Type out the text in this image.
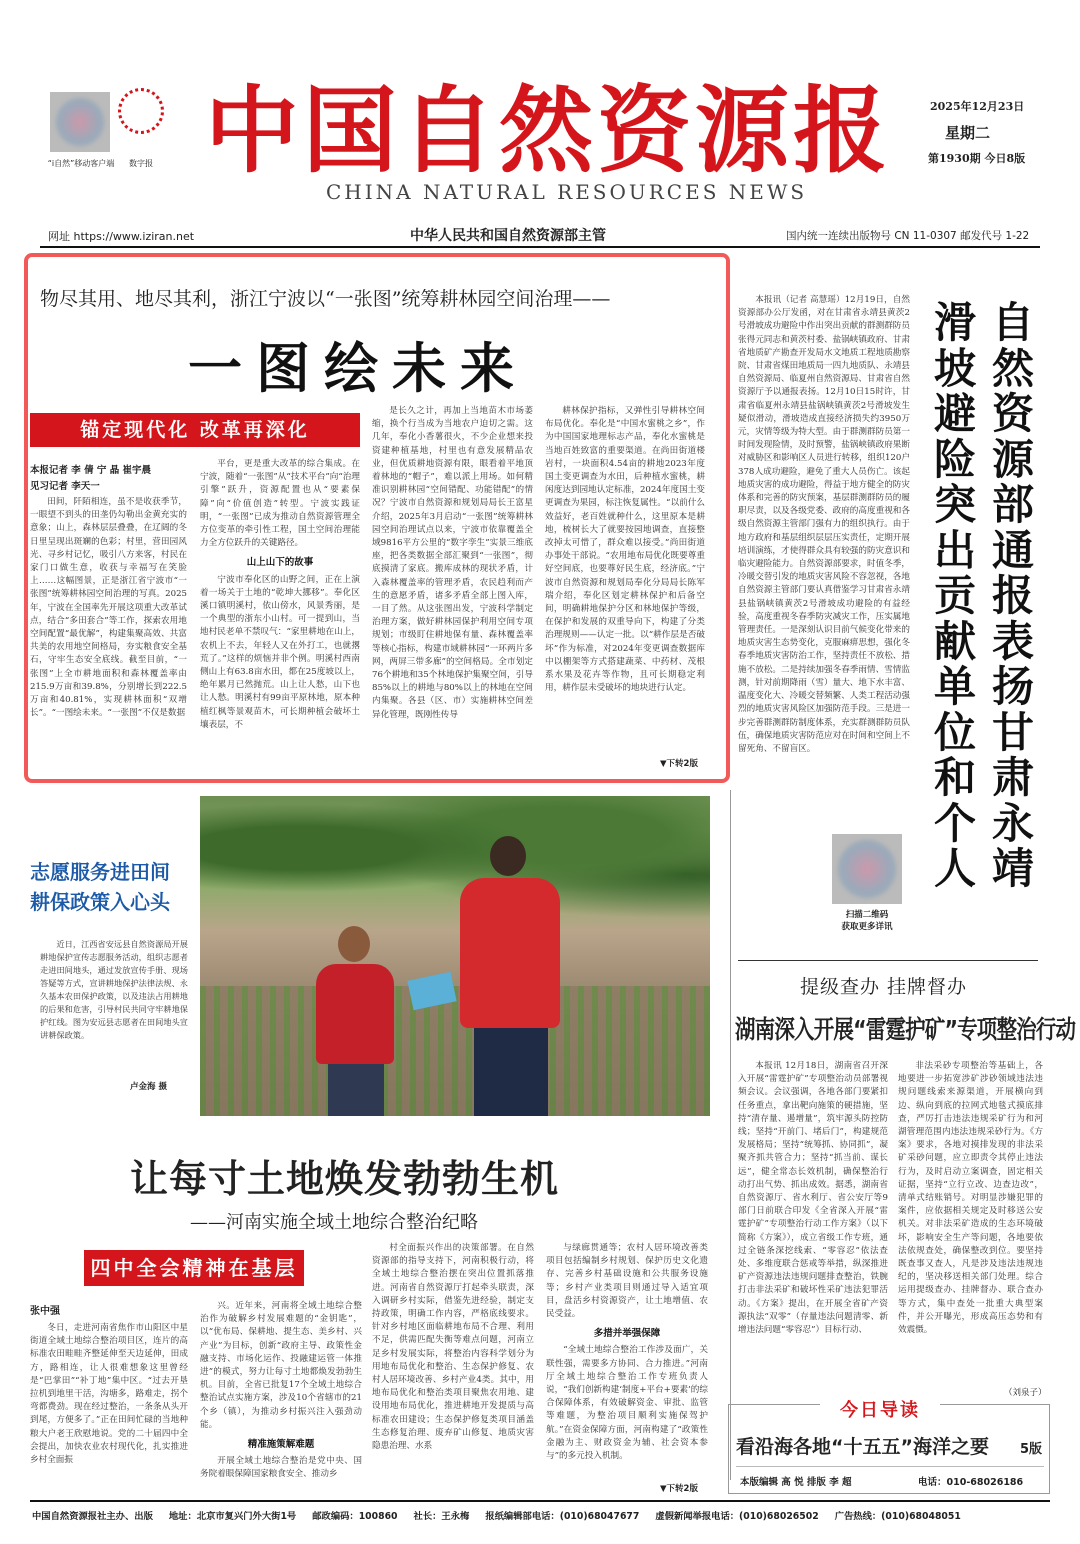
“i自然”移动客户端	数字报 中国自然资源报
CHINA NATURAL RESOURCES NEWS
2025年12月23日
星期二
第1930期 今日8版
网址 https://www.iziran.net	中华人民共和国自然资源部主管	国内统一连续出版物号 CN 11-0307 邮发代号 1-22
物尽其用、地尽其利，浙江宁波以“一张图”统筹耕林园空间治理——
一图绘未来
锚定现代化 改革再深化
本报记者 李 倩 宁 晶 崔宇晨
见习记者 李天一

田间，阡陌相连，虽不是收获季节，一眼望不到头的田垄仍勾勒出金黄充实的意象；山上，森林层层叠叠，在辽阔的冬日里呈现出斑斓的色彩；村里，营田园风光、寻乡村记忆，吸引八方来客，村民在家门口做生意，收获与幸福写在笑脸上……这幅图景，正是浙江省宁波市“一张图”统筹耕林园空间治理的写真。2025年，宁波在全国率先开展这项重大改革试点，结合“多田套合”等工作，探索农用地空间配置“最优解”，构建集聚高效、共富共美的农用地空间格局，夯实粮食安全基石，守牢生态安全底线。截至目前，“一张图”上全市耕地面积和森林覆盖率由215.9万亩和39.8%，分别增长到222.5万亩和40.81%，实现耕林面积“双增长”。“一图绘未来。“一张图”不仅是数据

平台，更是重大改革的综合集成。在宁波，随着“一张图”从“技术平台”向“治理引擎”跃升，资源配置也从“要素保障”向“价值创造”转型。宁波实践证明，“一张图”已成为推动自然资源管理全方位变革的牵引性工程，国土空间治理能力全方位跃升的关键路径。

山上山下的故事

宁波市奉化区的山野之间，正在上演着一场关于土地的“乾坤大挪移”。奉化区溪口镇明溪村，依山傍水，风景秀丽，是一个典型的浙东小山村。可一提到山，当地村民老单不禁叹气：“家里耕地在山上，农机上不去，年轻人又在外打工，也就撂荒了。”这样的烦恼并非个例。明溪村西南侧山上有63.8亩水田，都在25度坡以上，绝年累月已然抛荒。山上让人愁，山下也让人愁。明溪村有99亩平原林地，原本种植红枫等景观苗木，可长期种植会破坏土壤表层，不

是长久之计，再加上当地苗木市场萎缩，换个行当成为当地农户迫切之需。这几年，奉化小香薯很火，不少企业想来投资建种植基地，村里也有意发展精品农业，但优质耕地资源有限，眼看着平地顶着林地的“帽子”，难以派上用场。如何精准识别耕林园“空间错配、功能错配”的情况？宁波市自然资源和规划局局长王富星介绍，2025年3月启动“一张图”统筹耕林园空间治理试点以来，宁波市依靠覆盖全域9816平方公里的“数字孪生”实景三维底座，把各类数据全部汇聚到“一张图”，彻底摸清了家底。搬库成林的现状矛盾，计入森林覆盖率的管理矛盾，农民趋利而产生的意愿矛盾，诸多矛盾全部上图入库，一目了然。从这张图出发，宁波科学制定治理方案，做好耕林园保护利用空间专项规划；市级盯住耕地保有量、森林覆盖率等核心指标，构建市域耕林园“一环两片多网，两屏三带多廊”的空间格局。全市划定76个耕地和35个林地保护集聚空间，引导85%以上的耕地与80%以上的林地在空间内集聚。各县（区、市）实施耕林空间差异化管理，既刚性传导

耕林保护指标，又弹性引导耕林空间布局优化。奉化是“中国水蜜桃之乡”，作为中国国家地理标志产品，奉化水蜜桃是当地百姓致富的重要渠道。在尚田街道楼岩村，一块面积4.54亩的耕地2023年度国土变更调查为水田，后种植水蜜桃，耕闲度达到园地认定标准，2024年度国土变更调查为果园，标注恢复属性。“以前什么效益好，老百姓就种什么，这里原本是耕地，梳树长大了就要按园地调查，直接整改掉太可惜了，群众难以接受。”尚田街道办事处干部说。“农用地布局优化既要尊重好空间底，也要尊好民生底，经济底。”宁波市自然资源和规划局奉化分局局长陈军瑞介绍，奉化区划定耕林保护和后备空间，明确耕地保护分区和林地保护等级，在保护和发展的双重导向下，构建了分类治理规则——认定一批。以“耕作层是否破坏”作为标准，对2024年变更调查数据库中以棚架等方式搭建蔬菜、中药材、茂根系水果及花卉等作物，且可长期稳定利用，耕作层未受破坏的地块进行认定。

▼下转2版

本报讯（记者 高慧瑶）12月19日，自然资源部办公厅发函，对在甘肃省永靖县黄茨2号滑坡成功避险中作出突出贡献的群测群防员张得元同志和黄茨村委、盐锅峡镇政府、甘肃省地质矿产勘查开发局水文地质工程地质勘察院、甘肃省煤田地质局一四九地质队、永靖县自然资源局、临夏州自然资源局、甘肃省自然资源厅予以通报表扬。12月10日15时许，甘肃省临夏州永靖县盐锅峡镇黄茨2号滑坡发生疑似滑动，滑坡造成直接经济损失约3950万元，灾情等级为特大型。由于群测群防员第一时间发现险情，及时预警，盐锅峡镇政府果断对威胁区和影响区人员进行转移，组织120户378人成功避险，避免了重大人员伤亡。该起地质灾害的成功避险，得益于地方健全的防灾体系和完善的防灾预案，基层群测群防员的履职尽责，以及各级党委、政府的高度重视和各级自然资源主管部门强有力的组织执行。由于地方政府和基层组织层层压实责任，定期开展培训演练，才使得群众具有较强的防灾意识和临灾避险能力。自然资源部要求，时值冬季，冷暖交替引发的地质灾害风险不容忽视，各地自然资源主管部门要认真借鉴学习甘肃省永靖县盐锅峡镇黄茨2号滑坡成功避险的有益经验，高度重视冬春季防灾减灾工作，压实属地管理责任。一是深刻认识目前气候变化带来的地质灾害生态势变化，克服麻痹思想，强化冬春季地质灾害防治工作，坚持责任不放松、措施不放松。二是持续加强冬春季雨情、雪情监测，针对前期降雨（雪）量大、地下水丰富、温度变化大、冷暖交替频繁、人类工程活动强烈的地质灾害风险区加强防范手段。三是进一步完善群测群防制度体系，充实群测群防员队伍，确保地质灾害防范应对在时间和空间上不留死角、不留盲区。

自然资源部通报表扬甘肃永靖
滑坡避险突出贡献单位和个人
扫描二维码
获取更多详讯
志愿服务进田间
耕保政策入心头

近日，江西省安远县自然资源局开展耕地保护宣传志愿服务活动，组织志愿者走进田间地头，通过发放宣传手册、现场答疑等方式，宣讲耕地保护法律法规、永久基本农田保护政策，以及违法占用耕地的后果和危害，引导村民共同守牢耕地保护红线。图为安远县志愿者在田间地头宣讲耕保政策。

卢金海 摄
提级查办 挂牌督办
湖南深入开展“雷霆护矿”专项整治行动

本报讯 12月18日，湖南省召开深入开展“雷霆护矿”专项整治动员部署视频会议。会议强调，各地各部门要紧扣任务重点，拿出靶向施策的硬措施，坚持“清存量、遏增量”，筑牢源头防控防线；坚持“开前门、堵后门”，构建规范发展格局；坚持“统筹抓、协同抓”，凝聚齐抓共管合力；坚持“抓当前、谋长远”，健全常态长效机制，确保整治行动打出气势、抓出成效。据悉，湖南省自然资源厅、省水利厅、省公安厅等9部门日前联合印发《全省深入开展“雷霆护矿”专项整治行动工作方案》（以下简称《方案》），成立省级工作专班，通过全链条深挖线索、“零容忍”依法查处、多维度联合惩戒等举措，纵深推进矿产资源违法违规问题排查整治，铁腕打击非法采矿和破坏性采矿违法犯罪活动。《方案》提出，在开展全省矿产资源执法“双零”（存量违法问题清零、新增违法问题“零容忍”）目标行动、

非法采砂专项整治等基础上，各地要进一步拓宽涉矿涉砂领域违法违规问题线索来源渠道，开展横向到边、纵向到底的拉网式地毯式摸底排查，严厉打击违法违规采矿行为和河湖管理范围内违法违规采砂行为。《方案》要求，各地对摸排发现的非法采矿采砂问题，应立即责令其停止违法行为，及时启动立案调查，固定相关证据，坚持“立行立改、边查边改”，清单式结账销号。对明显涉嫌犯罪的案件，应依据相关规定及时移送公安机关。对非法采矿造成的生态环境破坏，影响安全生产等问题，各地要依法依规查处，确保整改到位。要坚持既查事又查人，凡是涉及违法违规违纪的，坚决移送相关部门处理。综合运用提级查办、挂牌督办、联合查办等方式，集中查处一批重大典型案件，并公开曝光，形成高压态势和有效震慑。

（刘泉子）
让每寸土地焕发勃勃生机
——河南实施全域土地综合整治纪略
四中全会精神在基层
张中强

冬日，走进河南省焦作市山阳区中星街道全域土地综合整治项目区，连片的高标准农田畦畦齐整延伸至天边延伸，田成方，路相连，让人很难想象这里曾经是“巴掌田”“补丁地”集中区。“过去开垦拉机到地里干活，沟塘多，路难走，拐个弯都费劲。现在经过整治，一条条从头开到尾，方便多了。”正在田间忙碌的当地种粮大户老王欣慰地说。党的二十届四中全会提出，加快农业农村现代化，扎实推进乡村全面振

兴。近年来，河南将全域土地综合整治作为破解乡村发展难题的“金钥匙”，以“优布局、保耕地、提生态、美乡村、兴产业”为目标，创新“政府主导、政策性金融支持、市场化运作、投融建运管一体推进”的模式，努力让每寸土地都焕发勃勃生机。目前，全省已批复17个全域土地综合整治试点实施方案，涉及10个省辖市的21个乡（镇），为推动乡村振兴注入强劲动能。

精准施策解难题

开展全域土地综合整治是党中央、国务院着眼保障国家粮食安全、推动乡

村全面振兴作出的决策部署。在自然资源部的指导支持下，河南积极行动，将全域土地综合整治摆在突出位置抓落推进。河南省自然资源厅打起牵头联责，深入调研乡村实际，借鉴先进经验，制定支持政策，明确工作内容，严格底线要求。针对乡村地区面临耕地布局不合理、利用不足，供需匹配失衡等难点问题，河南立足乡村发展实际，将整治内容科学划分为用地布局优化和整治、生态保护修复、农村人居环境改善、乡村产业4类。其中，用地布局优化和整治类项目聚焦农用地、建设用地布局优化，推进耕地开发提质与高标准农田建设；生态保护修复类项目涵盖生态修复治理、废弃矿山修复、地质灾害隐患治理、水系

与绿廊贯通等；农村人居环境改善类项目包括编制乡村规划、保护历史文化遗存、完善乡村基础设施和公共服务设施等；乡村产业类项目则通过导入适宜项目，盘活乡村资源资产，让土地增值、农民受益。

多措并举强保障

“全域土地综合整治工作涉及面广，关联性强，需要多方协同、合力推进。”河南厅全域土地综合整治工作专班负责人说，“我们创新构建‘制度+平台+要素’的综合保障体系，有效破解资金、审批、监管等难题，为整治项目顺利实施保驾护航。”在资金保障方面，河南构建了“政策性金融为主、财政资金为辅、社会资本参与”的多元投入机制。

▼下转2版
今日导读
看沿海各地“十五五”海洋之要 5版
本版编辑 高 悦 排版 李 超	电话：010-68026186
中国自然资源报社主办、出版 地址：北京市复兴门外大街1号 邮政编码：100860 社长：王永梅 报纸编辑部电话：(010)68047677 虚假新闻举报电话：(010)68026502 广告热线：(010)68048051
